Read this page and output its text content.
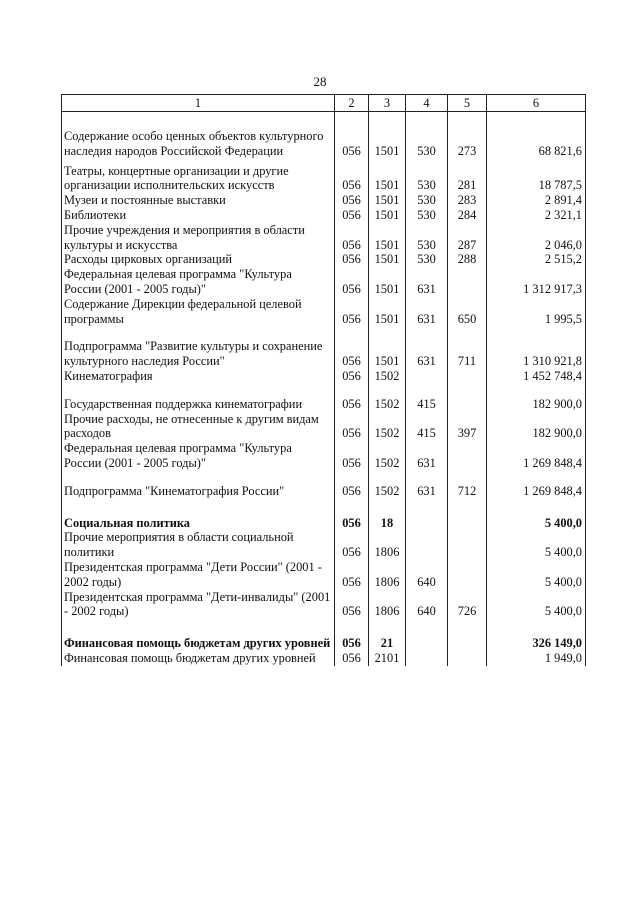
28
1	2	3	4	5	6
Содержание особо ценных объектов культурного наследия народов Российской Федерации	056	1501	530	273	68 821,6
Театры, концертные организации и другие организации исполнительских искусств	056	1501	530	281	18 787,5
Музеи и постоянные выставки	056	1501	530	283	2 891,4
Библиотеки	056	1501	530	284	2 321,1
Прочие учреждения и мероприятия в области культуры и искусства	056	1501	530	287	2 046,0
Расходы цирковых организаций	056	1501	530	288	2 515,2
Федеральная целевая программа "Культура России (2001 - 2005 годы)"	056	1501	631		1 312 917,3
Содержание Дирекции федеральной целевой программы	056	1501	631	650	1 995,5
Подпрограмма "Развитие культуры и сохранение культурного наследия России"	056	1501	631	711	1 310 921,8
Кинематография	056	1502			1 452 748,4
Государственная поддержка кинематографии	056	1502	415		182 900,0
Прочие расходы, не отнесенные к другим видам расходов	056	1502	415	397	182 900,0
Федеральная целевая программа "Культура России (2001 - 2005 годы)"	056	1502	631		1 269 848,4
Подпрограмма "Кинематография России"	056	1502	631	712	1 269 848,4
Социальная политика	056	18			5 400,0
Прочие мероприятия в области социальной политики	056	1806			5 400,0
Президентская программа "Дети России" (2001 - 2002 годы)	056	1806	640		5 400,0
Президентская программа "Дети-инвалиды" (2001 - 2002 годы)	056	1806	640	726	5 400,0
Финансовая помощь бюджетам других уровней	056	21			326 149,0
Финансовая помощь бюджетам других уровней	056	2101			1 949,0
